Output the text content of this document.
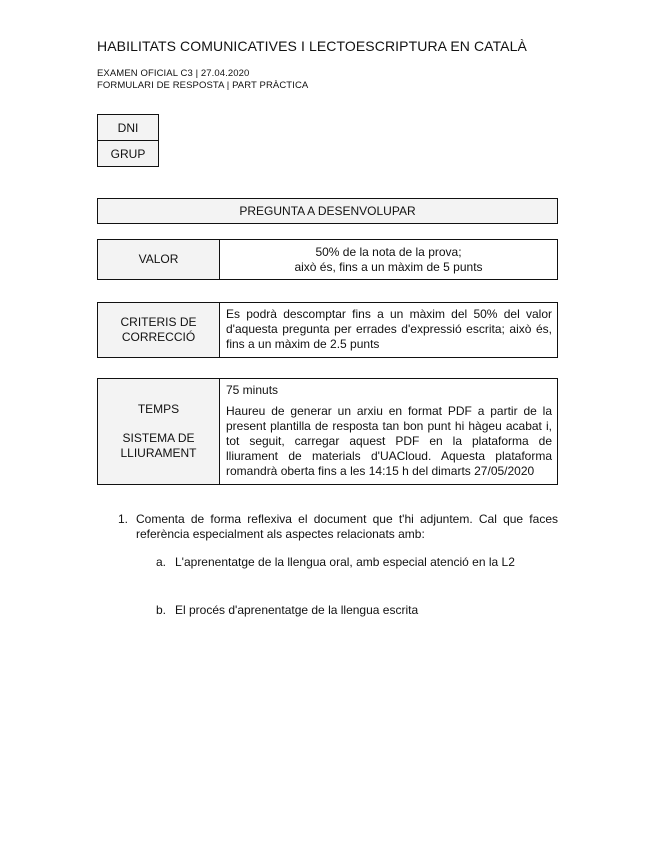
HABILITATS COMUNICATIVES I LECTOESCRIPTURA EN CATALÀ
EXAMEN OFICIAL C3 | 27.04.2020
FORMULARI DE RESPOSTA | PART PRÀCTICA
DNI
GRUP
PREGUNTA A DESENVOLUPAR
VALOR
50% de la nota de la prova;
això és, fins a un màxim de 5 punts
CRITERIS DE
CORRECCIÓ
Es podrà descomptar fins a un màxim del 50% del valor d'aquesta pregunta per errades d'expressió escrita; això és, fins a un màxim de 2.5 punts
TEMPS
SISTEMA DE
LLIURAMENT
75 minuts
Haureu de generar un arxiu en format PDF a partir de la present plantilla de resposta tan bon punt hi hàgeu acabat i, tot seguit, carregar aquest PDF en la plataforma de lliurament de materials d'UACloud. Aquesta plataforma romandrà oberta fins a les 14:15 h del dimarts 27/05/2020
1. Comenta de forma reflexiva el document que t'hi adjuntem. Cal que faces referència especialment als aspectes relacionats amb:
a. L'aprenentatge de la llengua oral, amb especial atenció en la L2
b. El procés d'aprenentatge de la llengua escrita
